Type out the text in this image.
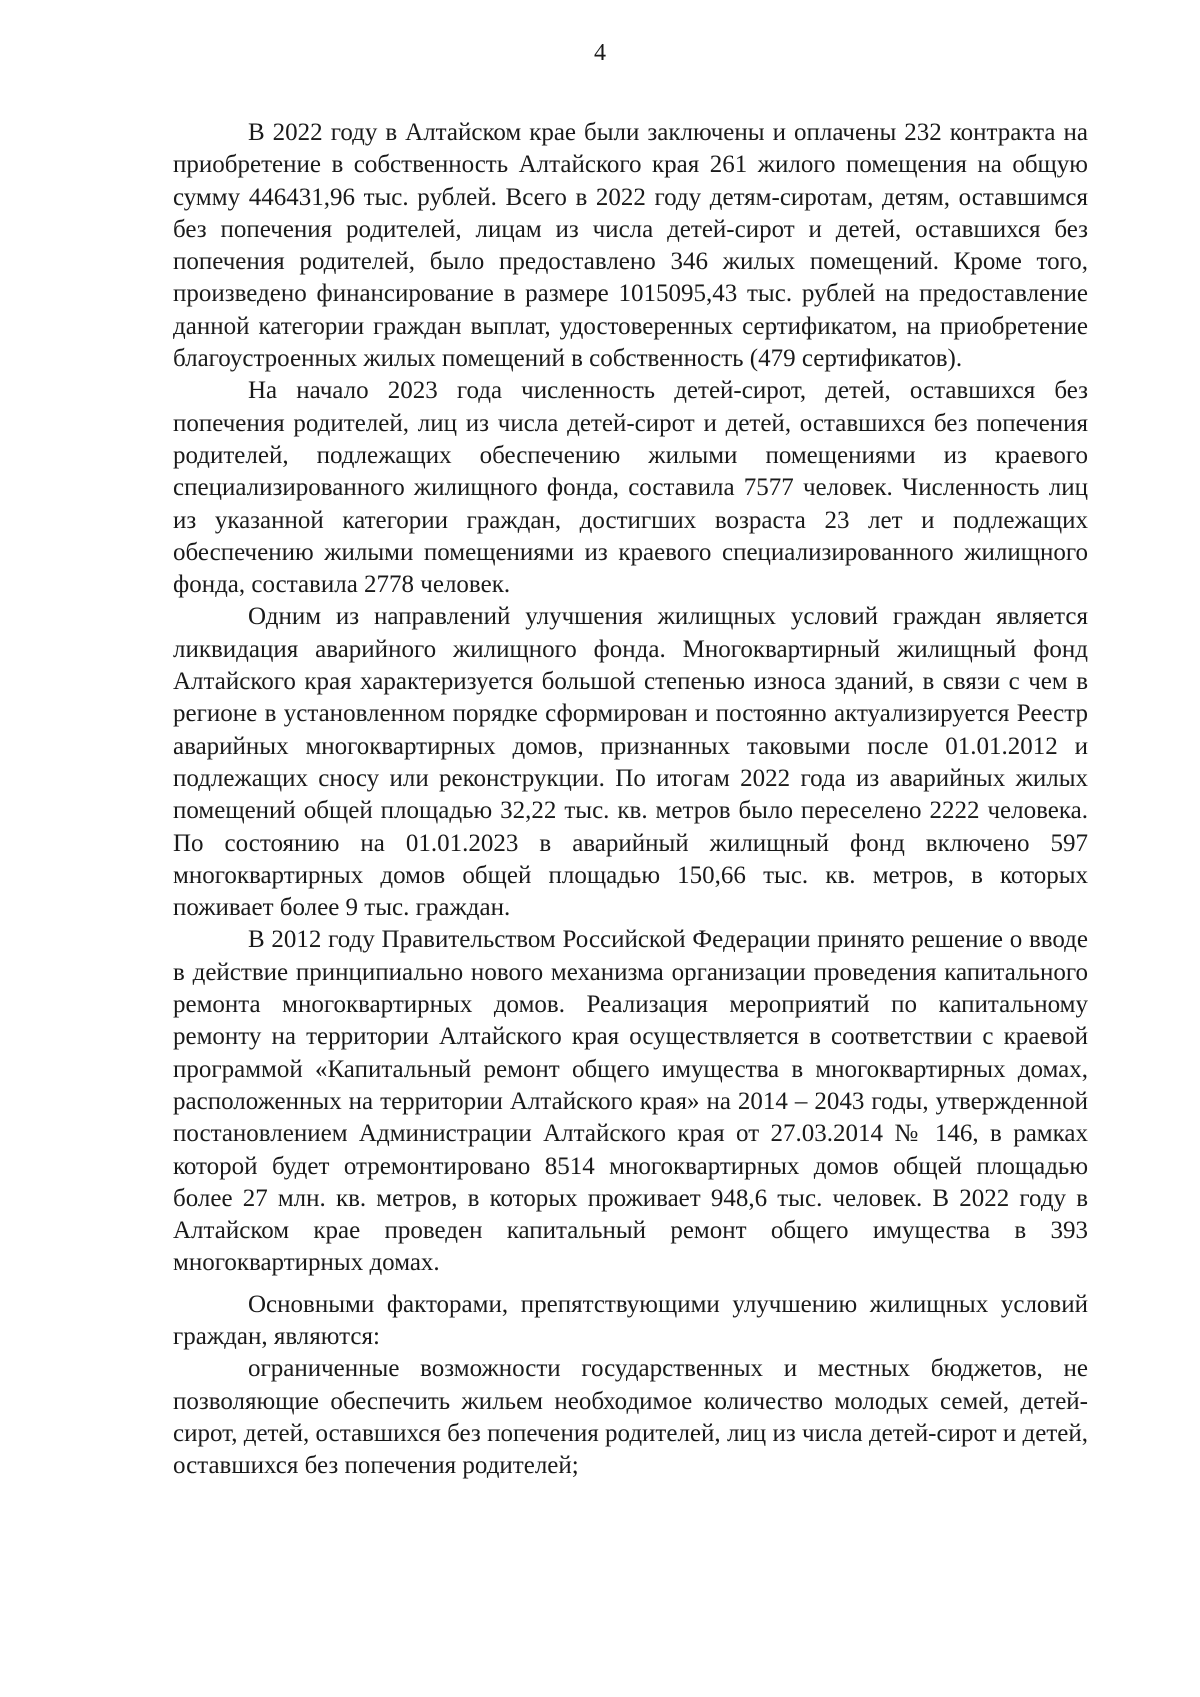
4

В 2022 году в Алтайском крае были заключены и оплачены 232 контракта на приобретение в собственность Алтайского края 261 жилого помещения на общую сумму 446431,96 тыс. рублей. Всего в 2022 году детям-сиротам, детям, оставшимся без попечения родителей, лицам из числа детей-сирот и детей, оставшихся без попечения родителей, было предоставлено 346 жилых помещений. Кроме того, произведено финансирование в размере 1015095,43 тыс. рублей на предоставление данной категории граждан выплат, удостоверенных сертификатом, на приобретение благоустроенных жилых помещений в собственность (479 сертификатов).

На начало 2023 года численность детей-сирот, детей, оставшихся без попечения родителей, лиц из числа детей-сирот и детей, оставшихся без попечения родителей, подлежащих обеспечению жилыми помещениями из краевого специализированного жилищного фонда, составила 7577 человек. Численность лиц из указанной категории граждан, достигших возраста 23 лет и подлежащих обеспечению жилыми помещениями из краевого специализированного жилищного фонда, составила 2778 человек.

Одним из направлений улучшения жилищных условий граждан является ликвидация аварийного жилищного фонда. Многоквартирный жилищный фонд Алтайского края характеризуется большой степенью износа зданий, в связи с чем в регионе в установленном порядке сформирован и постоянно актуализируется Реестр аварийных многоквартирных домов, признанных таковыми после 01.01.2012 и подлежащих сносу или реконструкции. По итогам 2022 года из аварийных жилых помещений общей площадью 32,22 тыс. кв. метров было переселено 2222 человека. По состоянию на 01.01.2023 в аварийный жилищный фонд включено 597 многоквартирных домов общей площадью 150,66 тыс. кв. метров, в которых поживает более 9 тыс. граждан.

В 2012 году Правительством Российской Федерации принято решение о вводе в действие принципиально нового механизма организации проведения капитального ремонта многоквартирных домов. Реализация мероприятий по капитальному ремонту на территории Алтайского края осуществляется в соответствии с краевой программой «Капитальный ремонт общего имущества в многоквартирных домах, расположенных на территории Алтайского края» на 2014 – 2043 годы, утвержденной постановлением Администрации Алтайского края от 27.03.2014 № 146, в рамках которой будет отремонтировано 8514 многоквартирных домов общей площадью более 27 млн. кв. метров, в которых проживает 948,6 тыс. человек. В 2022 году в Алтайском крае проведен капитальный ремонт общего имущества в 393 многоквартирных домах.

Основными факторами, препятствующими улучшению жилищных условий граждан, являются:

ограниченные возможности государственных и местных бюджетов, не позволяющие обеспечить жильем необходимое количество молодых семей, детей-сирот, детей, оставшихся без попечения родителей, лиц из числа детей-сирот и детей, оставшихся без попечения родителей;
